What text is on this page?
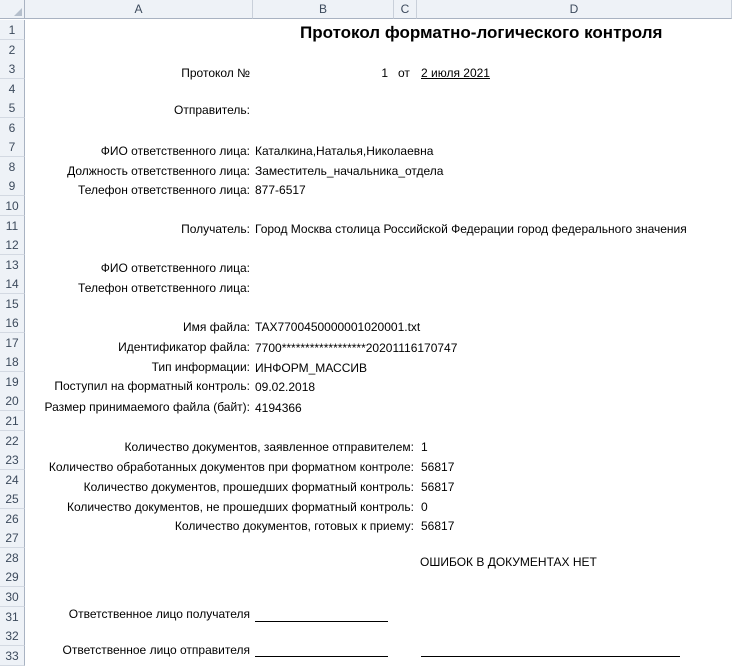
A	B	C	D
1
2
3
4
5
6
7
8
9
10
11
12
13
14
15
16
17
18
19
20
21
22
23
24
25
26
27
28
29
30
31
32
33
Протокол форматно-логического контроля
Протокол №	1 от 2 июля 2021
Отправитель:
ФИО ответственного лица: Каталкина,Наталья,Николаевна
Должность ответственного лица: Заместитель_начальника_отдела
Телефон ответственного лица: 877-6517
Получатель: Город Москва столица Российской Федерации город федерального значения
ФИО ответственного лица:
Телефон ответственного лица:
Имя файла: TAX7700450000001020001.txt
Идентификатор файла: 7700******************20201116170747
Тип информации: ИНФОРМ_МАССИВ
Поступил на форматный контроль: 09.02.2018
Размер принимаемого файла (байт): 4194366
Количество документов, заявленное отправителем: 1
Количество обработанных документов при форматном контроле: 56817
Количество документов, прошедших форматный контроль: 56817
Количество документов, не прошедших форматный контроль: 0
Количество документов, готовых к приему: 56817
ОШИБОК В ДОКУМЕНТАХ НЕТ
Ответственное лицо получателя
Ответственное лицо отправителя
